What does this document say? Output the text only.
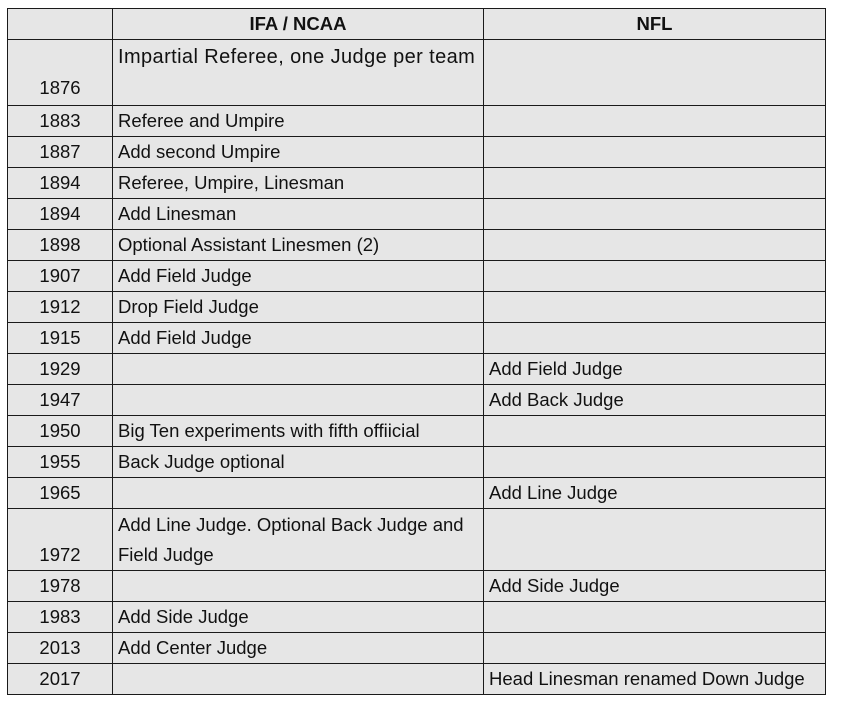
	IFA / NCAA	NFL
1876	Impartial Referee, one Judge per team	
1883	Referee and Umpire	
1887	Add second Umpire	
1894	Referee, Umpire, Linesman	
1894	Add Linesman	
1898	Optional Assistant Linesmen (2)	
1907	Add Field Judge	
1912	Drop Field Judge	
1915	Add Field Judge	
1929		Add Field Judge
1947		Add Back Judge
1950	Big Ten experiments with fifth offiicial	
1955	Back Judge optional	
1965		Add Line Judge
1972	Add Line Judge. Optional Back Judge and Field Judge	
1978		Add Side Judge
1983	Add Side Judge	
2013	Add Center Judge	
2017		Head Linesman renamed Down Judge
